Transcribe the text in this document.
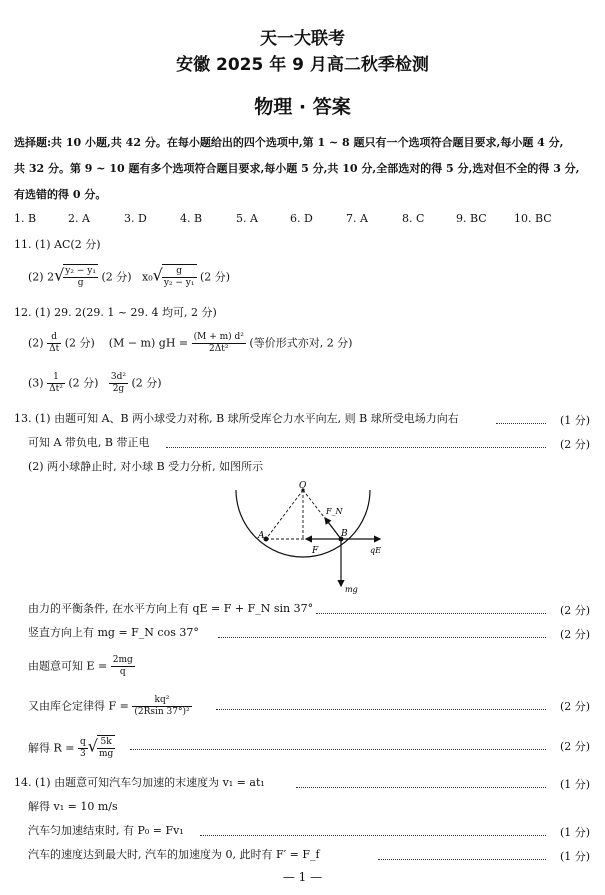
天一大联考
安徽 2025 年 9 月高二秋季检测
物理 · 答案
选择题:共 10 小题,共 42 分。在每小题给出的四个选项中,第 1 ~ 8 题只有一个选项符合题目要求,每小题 4 分,
共 32 分。第 9 ~ 10 题有多个选项符合题目要求,每小题 5 分,共 10 分,全部选对的得 5 分,选对但不全的得 3 分,
有选错的得 0 分。
1. B	2. A	3. D	4. B	5. A	6. D	7. A	8. C	9. BC 10. BC
11. (1) AC(2 分)
(2) $2√ \frac{\text{y₂ − y₁}}{g} (2$ 分) $x_0√ \frac{g}{\text{y₂ − y₁}} (2$ 分)
12. (1) 29. 2(29. 1 ~ 29. 4 均可, 2 分)
$(2) \frac{d}{\Delta t} (2$ 分) (M − m) gH = $\frac{\text{(M + m) d²}}{\text{2Δt²}}$ (等价形式亦对, 2 分)
$(3) \frac{1}{\text{Δt²}} (2$ 分) $\frac{\text{3d²}}{2g} (2$ 分)
13. (1) 由题可知 A、B 两小球受力对称, B 球所受库仑力水平向左, 则 B 球所受电场力向右	(1 分)
可知 A 带负电, B 带正电	(2 分)
(2) 两小球静止时, 对小球 B 受力分析, 如图所示
O
A	B
F
F_N
qE
mg
由力的平衡条件, 在水平方向上有 qE = F + F_N sin 37°	(2 分)
竖直方向上有 mg = F_N cos 37°	(2 分)
由题意可知 $E = \frac{2mg}{q}$
又由库仑定律得 $F = \frac{\text{kq²}}{\text{(2Rsin 37°)²}}$	(2 分)
解得 $R = \frac{q}{3}$ √ $\frac{5k}{mg}$	(2 分)
14. (1) 由题意可知汽车匀加速的末速度为 v₁ = at₁	(1 分)
解得 v₁ = 10 m/s
汽车匀加速结束时, 有 P₀ = Fv₁	(1 分)
汽车的速度达到最大时, 汽车的加速度为 0, 此时有 F′ = F_f	(1 分)
— 1 —
